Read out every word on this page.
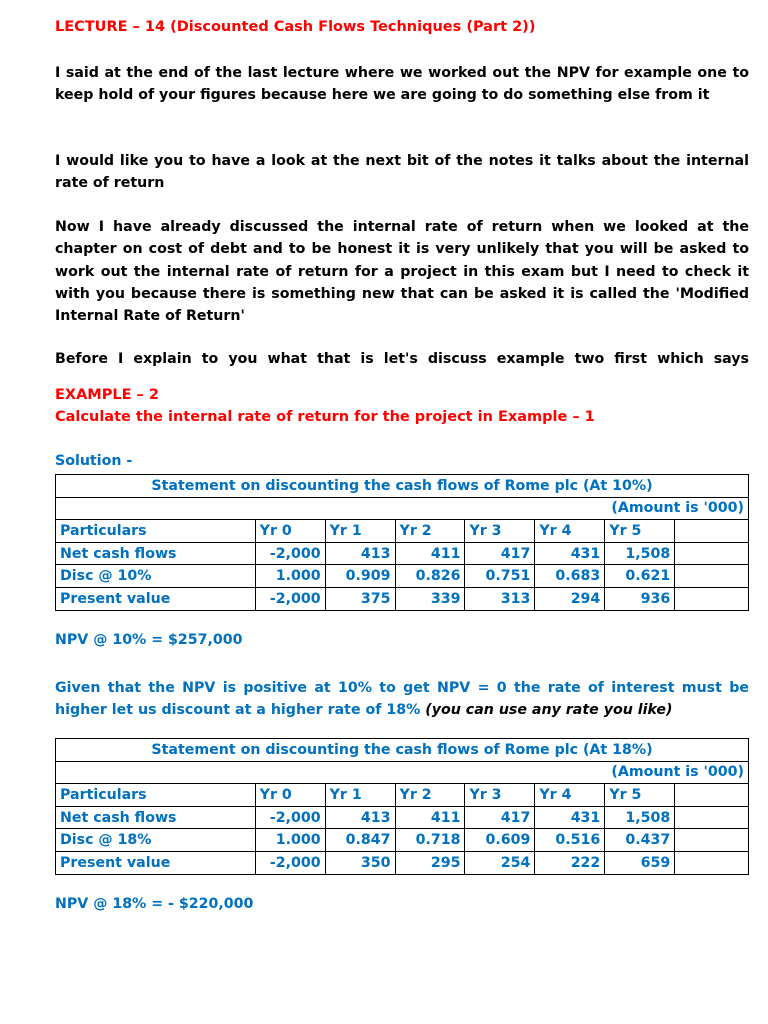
LECTURE – 14 (Discounted Cash Flows Techniques (Part 2))
I said at the end of the last lecture where we worked out the NPV for example one to keep hold of your figures because here we are going to do something else from it
I would like you to have a look at the next bit of the notes it talks about the internal rate of return
Now I have already discussed the internal rate of return when we looked at the chapter on cost of debt and to be honest it is very unlikely that you will be asked to work out the internal rate of return for a project in this exam but I need to check it with you because there is something new that can be asked it is called the 'Modified Internal Rate of Return'
Before I explain to you what that is let's discuss example two first which says
EXAMPLE – 2
Calculate the internal rate of return for the project in Example – 1
Solution -
Statement on discounting the cash flows of Rome plc (At 10%)							
(Amount is '000)							
Particulars	Yr 0	Yr 1	Yr 2	Yr 3	Yr 4	Yr 5	
Net cash flows	-2,000	413	411	417	431	1,508	
Disc @ 10%	1.000	0.909	0.826	0.751	0.683	0.621	
Present value	-2,000	375	339	313	294	936	
NPV @ 10% = $257,000
Given that the NPV is positive at 10% to get NPV = 0 the rate of interest must be higher let us discount at a higher rate of 18% (you can use any rate you like)
Statement on discounting the cash flows of Rome plc (At 18%)							
(Amount is '000)							
Particulars	Yr 0	Yr 1	Yr 2	Yr 3	Yr 4	Yr 5	
Net cash flows	-2,000	413	411	417	431	1,508	
Disc @ 18%	1.000	0.847	0.718	0.609	0.516	0.437	
Present value	-2,000	350	295	254	222	659	
NPV @ 18% = - $220,000
